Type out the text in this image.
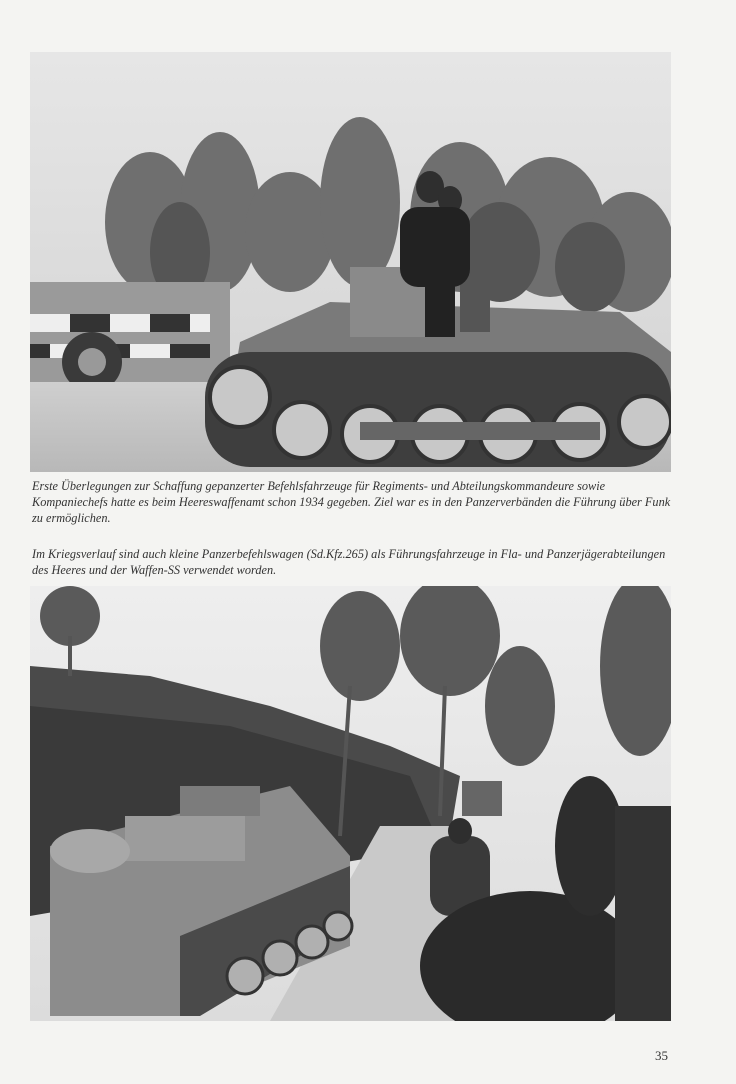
Erste Überlegungen zur Schaffung gepanzerter Befehlsfahrzeuge für Regiments- und Abteilungskommandeure sowie Kompaniechefs hatte es beim Heereswaffenamt schon 1934 gegeben. Ziel war es in den Panzerverbänden die Führung über Funk zu ermöglichen.

Im Kriegsverlauf sind auch kleine Panzerbefehlswagen (Sd.Kfz.265) als Führungsfahrzeuge in Fla- und Panzerjägerabteilungen des Heeres und der Waffen-SS verwendet worden.

35
